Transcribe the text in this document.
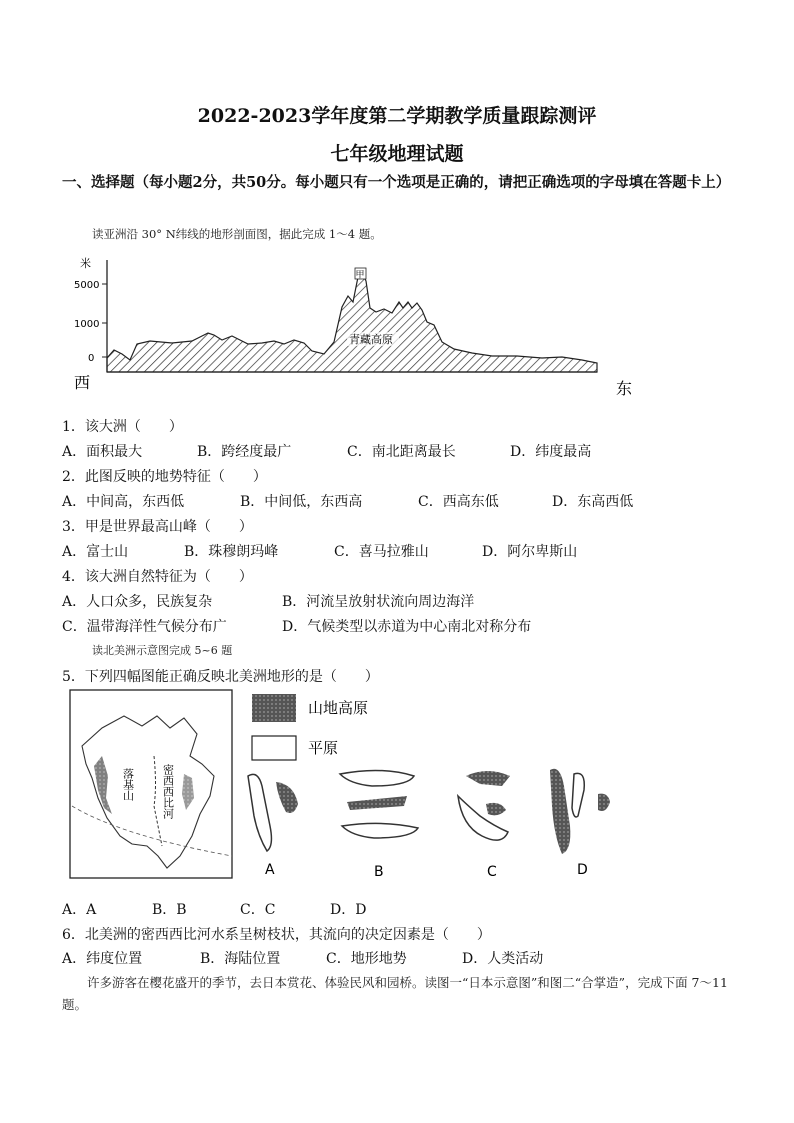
2022-2023学年度第二学期教学质量跟踪测评
七年级地理试题
一、选择题（每小题2分，共50分。每小题只有一个选项是正确的，请把正确选项的字母填在答题卡上）
读亚洲沿 30° N纬线的地形剖面图，据此完成 1～4 题。
米
5000
1000
0
西	东
甲
青藏高原
1．该大洲（　　）
A．面积最大	B．跨经度最广	C．南北距离最长	D．纬度最高
2．此图反映的地势特征（　　）
A．中间高，东西低	B．中间低，东西高	C．西高东低	D．东高西低
3．甲是世界最高山峰（　　）
A．富士山	B．珠穆朗玛峰	C．喜马拉雅山	D．阿尔卑斯山
4．该大洲自然特征为（　　）
A．人口众多，民族复杂	B．河流呈放射状流向周边海洋
C．温带海洋性气候分布广	D．气候类型以赤道为中心南北对称分布
读北美洲示意图完成 5~6 题
5．下列四幅图能正确反映北美洲地形的是（　　）
落基山 密西西比河
山地高原
平原
A	B	C	D
A．A	B．B	C．C	D．D
6．北美洲的密西西比河水系呈树枝状，其流向的决定因素是（　　）
A．纬度位置	B．海陆位置	C．地形地势	D．人类活动
许多游客在樱花盛开的季节，去日本赏花、体验民风和园桥。读图一“日本示意图”和图二“合掌造”，完成下面 7～11 题。
